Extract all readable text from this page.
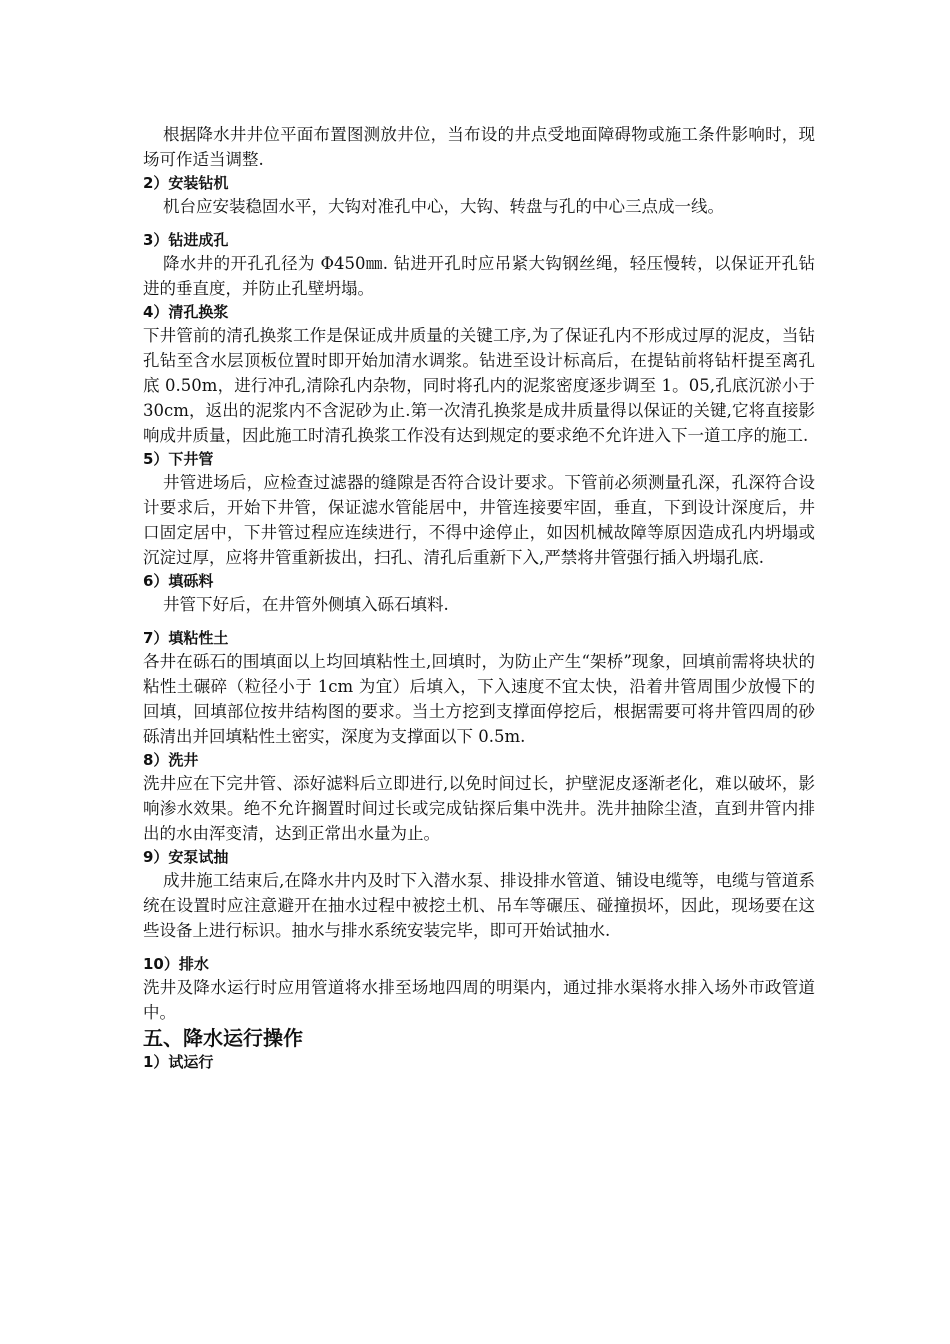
根据降水井井位平面布置图测放井位，当布设的井点受地面障碍物或施工条件影响时，现场可作适当调整.

2）安装钻机

机台应安装稳固水平，大钩对准孔中心，大钩、转盘与孔的中心三点成一线。

3）钻进成孔

降水井的开孔孔径为 Φ450㎜. 钻进开孔时应吊紧大钩钢丝绳，轻压慢转，以保证开孔钻进的垂直度，并防止孔壁坍塌。

4）清孔换浆

下井管前的清孔换浆工作是保证成井质量的关键工序,为了保证孔内不形成过厚的泥皮，当钻孔钻至含水层顶板位置时即开始加清水调浆。钻进至设计标高后，在提钻前将钻杆提至离孔底 0.50m，进行冲孔,清除孔内杂物，同时将孔内的泥浆密度逐步调至 1。05,孔底沉淤小于 30cm，返出的泥浆内不含泥砂为止.第一次清孔换浆是成井质量得以保证的关键,它将直接影响成井质量，因此施工时清孔换浆工作没有达到规定的要求绝不允许进入下一道工序的施工.

5）下井管

井管进场后，应检查过滤器的缝隙是否符合设计要求。下管前必须测量孔深，孔深符合设计要求后，开始下井管，保证滤水管能居中，井管连接要牢固，垂直，下到设计深度后，井口固定居中，下井管过程应连续进行，不得中途停止，如因机械故障等原因造成孔内坍塌或沉淀过厚，应将井管重新拔出，扫孔、清孔后重新下入,严禁将井管强行插入坍塌孔底.

6）填砾料

井管下好后，在井管外侧填入砾石填料.

7）填粘性土

各井在砾石的围填面以上均回填粘性土,回填时，为防止产生“架桥”现象，回填前需将块状的粘性土碾碎（粒径小于 1cm 为宜）后填入，下入速度不宜太快，沿着井管周围少放慢下的回填，回填部位按井结构图的要求。当土方挖到支撑面停挖后，根据需要可将井管四周的砂砾清出并回填粘性土密实，深度为支撑面以下 0.5m.

8）洗井

洗井应在下完井管、添好滤料后立即进行,以免时间过长，护壁泥皮逐渐老化，难以破坏，影响渗水效果。绝不允许搁置时间过长或完成钻探后集中洗井。洗井抽除尘渣，直到井管内排出的水由浑变清，达到正常出水量为止。

9）安泵试抽

成井施工结束后,在降水井内及时下入潜水泵、排设排水管道、铺设电缆等，电缆与管道系统在设置时应注意避开在抽水过程中被挖土机、吊车等碾压、碰撞损坏，因此，现场要在这些设备上进行标识。抽水与排水系统安装完毕，即可开始试抽水.

10）排水

洗井及降水运行时应用管道将水排至场地四周的明渠内，通过排水渠将水排入场外市政管道中。

五、降水运行操作
1）试运行
